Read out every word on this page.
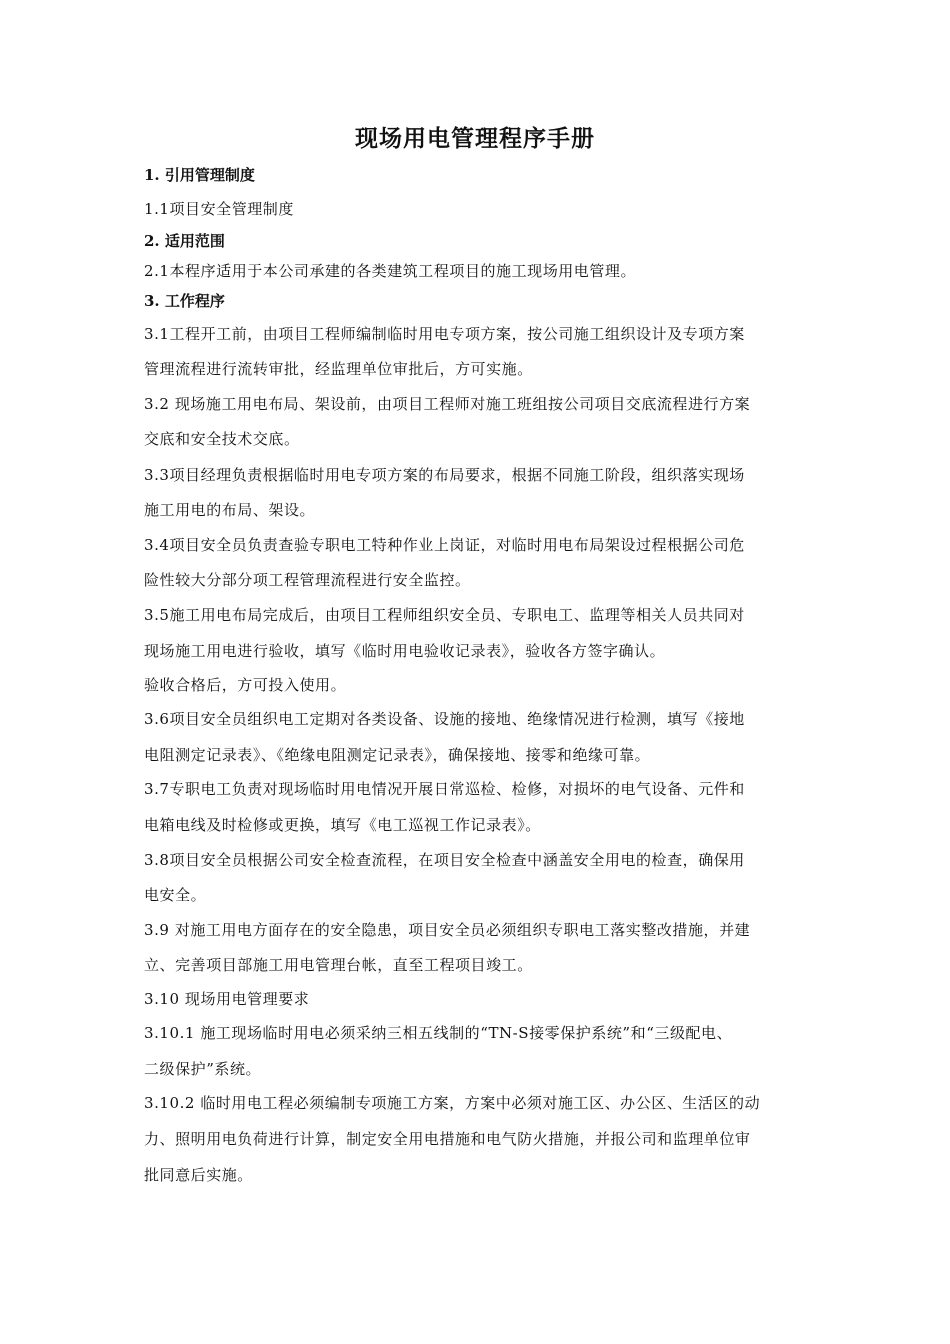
现场用电管理程序手册
1. 引用管理制度
1.1项目安全管理制度
2. 适用范围
2.1本程序适用于本公司承建的各类建筑工程项目的施工现场用电管理。
3. 工作程序
3.1工程开工前，由项目工程师编制临时用电专项方案，按公司施工组织设计及专项方案
管理流程进行流转审批，经监理单位审批后，方可实施。
3.2 现场施工用电布局、架设前，由项目工程师对施工班组按公司项目交底流程进行方案
交底和安全技术交底。
3.3项目经理负责根据临时用电专项方案的布局要求，根据不同施工阶段，组织落实现场
施工用电的布局、架设。
3.4项目安全员负责查验专职电工特种作业上岗证，对临时用电布局架设过程根据公司危
险性较大分部分项工程管理流程进行安全监控。
3.5施工用电布局完成后，由项目工程师组织安全员、专职电工、监理等相关人员共同对
现场施工用电进行验收，填写《临时用电验收记录表》，验收各方签字确认。
验收合格后，方可投入使用。
3.6项目安全员组织电工定期对各类设备、设施的接地、绝缘情况进行检测，填写《接地
电阻测定记录表》、《绝缘电阻测定记录表》，确保接地、接零和绝缘可靠。
3.7专职电工负责对现场临时用电情况开展日常巡检、检修，对损坏的电气设备、元件和
电箱电线及时检修或更换，填写《电工巡视工作记录表》。
3.8项目安全员根据公司安全检查流程，在项目安全检查中涵盖安全用电的检查，确保用
电安全。
3.9 对施工用电方面存在的安全隐患，项目安全员必须组织专职电工落实整改措施，并建
立、完善项目部施工用电管理台帐，直至工程项目竣工。
3.10 现场用电管理要求
3.10.1 施工现场临时用电必须采纳三相五线制的“TN-S接零保护系统”和“三级配电、
二级保护”系统。
3.10.2 临时用电工程必须编制专项施工方案，方案中必须对施工区、办公区、生活区的动
力、照明用电负荷进行计算，制定安全用电措施和电气防火措施，并报公司和监理单位审
批同意后实施。
